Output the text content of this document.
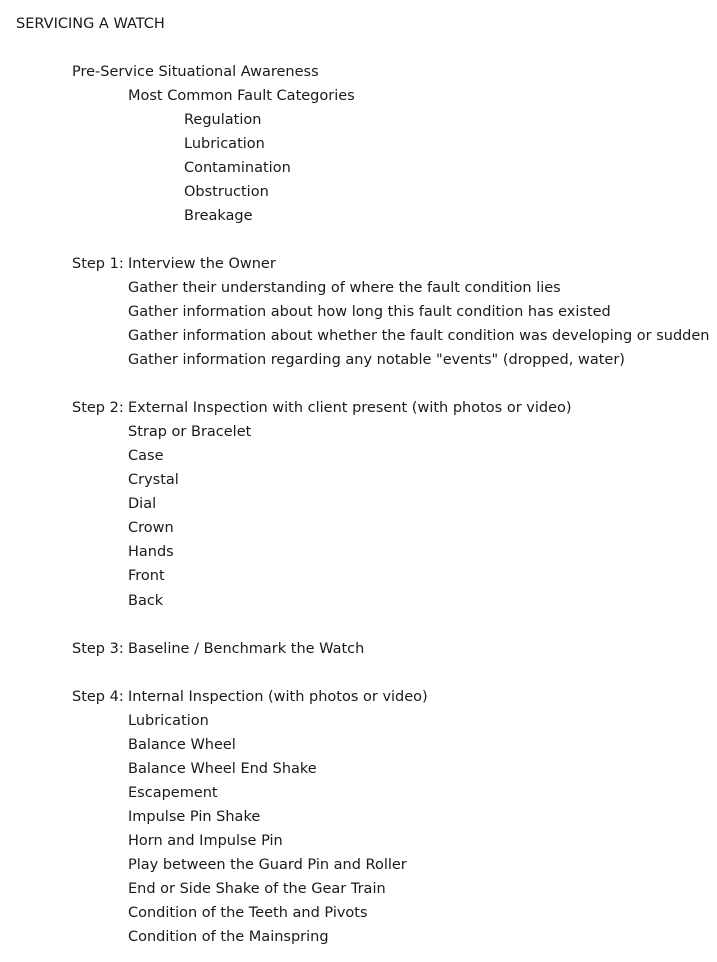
SERVICING A WATCH
Pre-Service Situational Awareness
Most Common Fault Categories
Regulation
Lubrication
Contamination
Obstruction
Breakage
Step 1: Interview the Owner
Gather their understanding of where the fault condition lies
Gather information about how long this fault condition has existed
Gather information about whether the fault condition was developing or sudden
Gather information regarding any notable "events" (dropped, water)
Step 2: External Inspection with client present (with photos or video)
Strap or Bracelet
Case
Crystal
Dial
Crown
Hands
Front
Back
Step 3: Baseline / Benchmark the Watch
Step 4: Internal Inspection (with photos or video)
Lubrication
Balance Wheel
Balance Wheel End Shake
Escapement
Impulse Pin Shake
Horn and Impulse Pin
Play between the Guard Pin and Roller
End or Side Shake of the Gear Train
Condition of the Teeth and Pivots
Condition of the Mainspring
